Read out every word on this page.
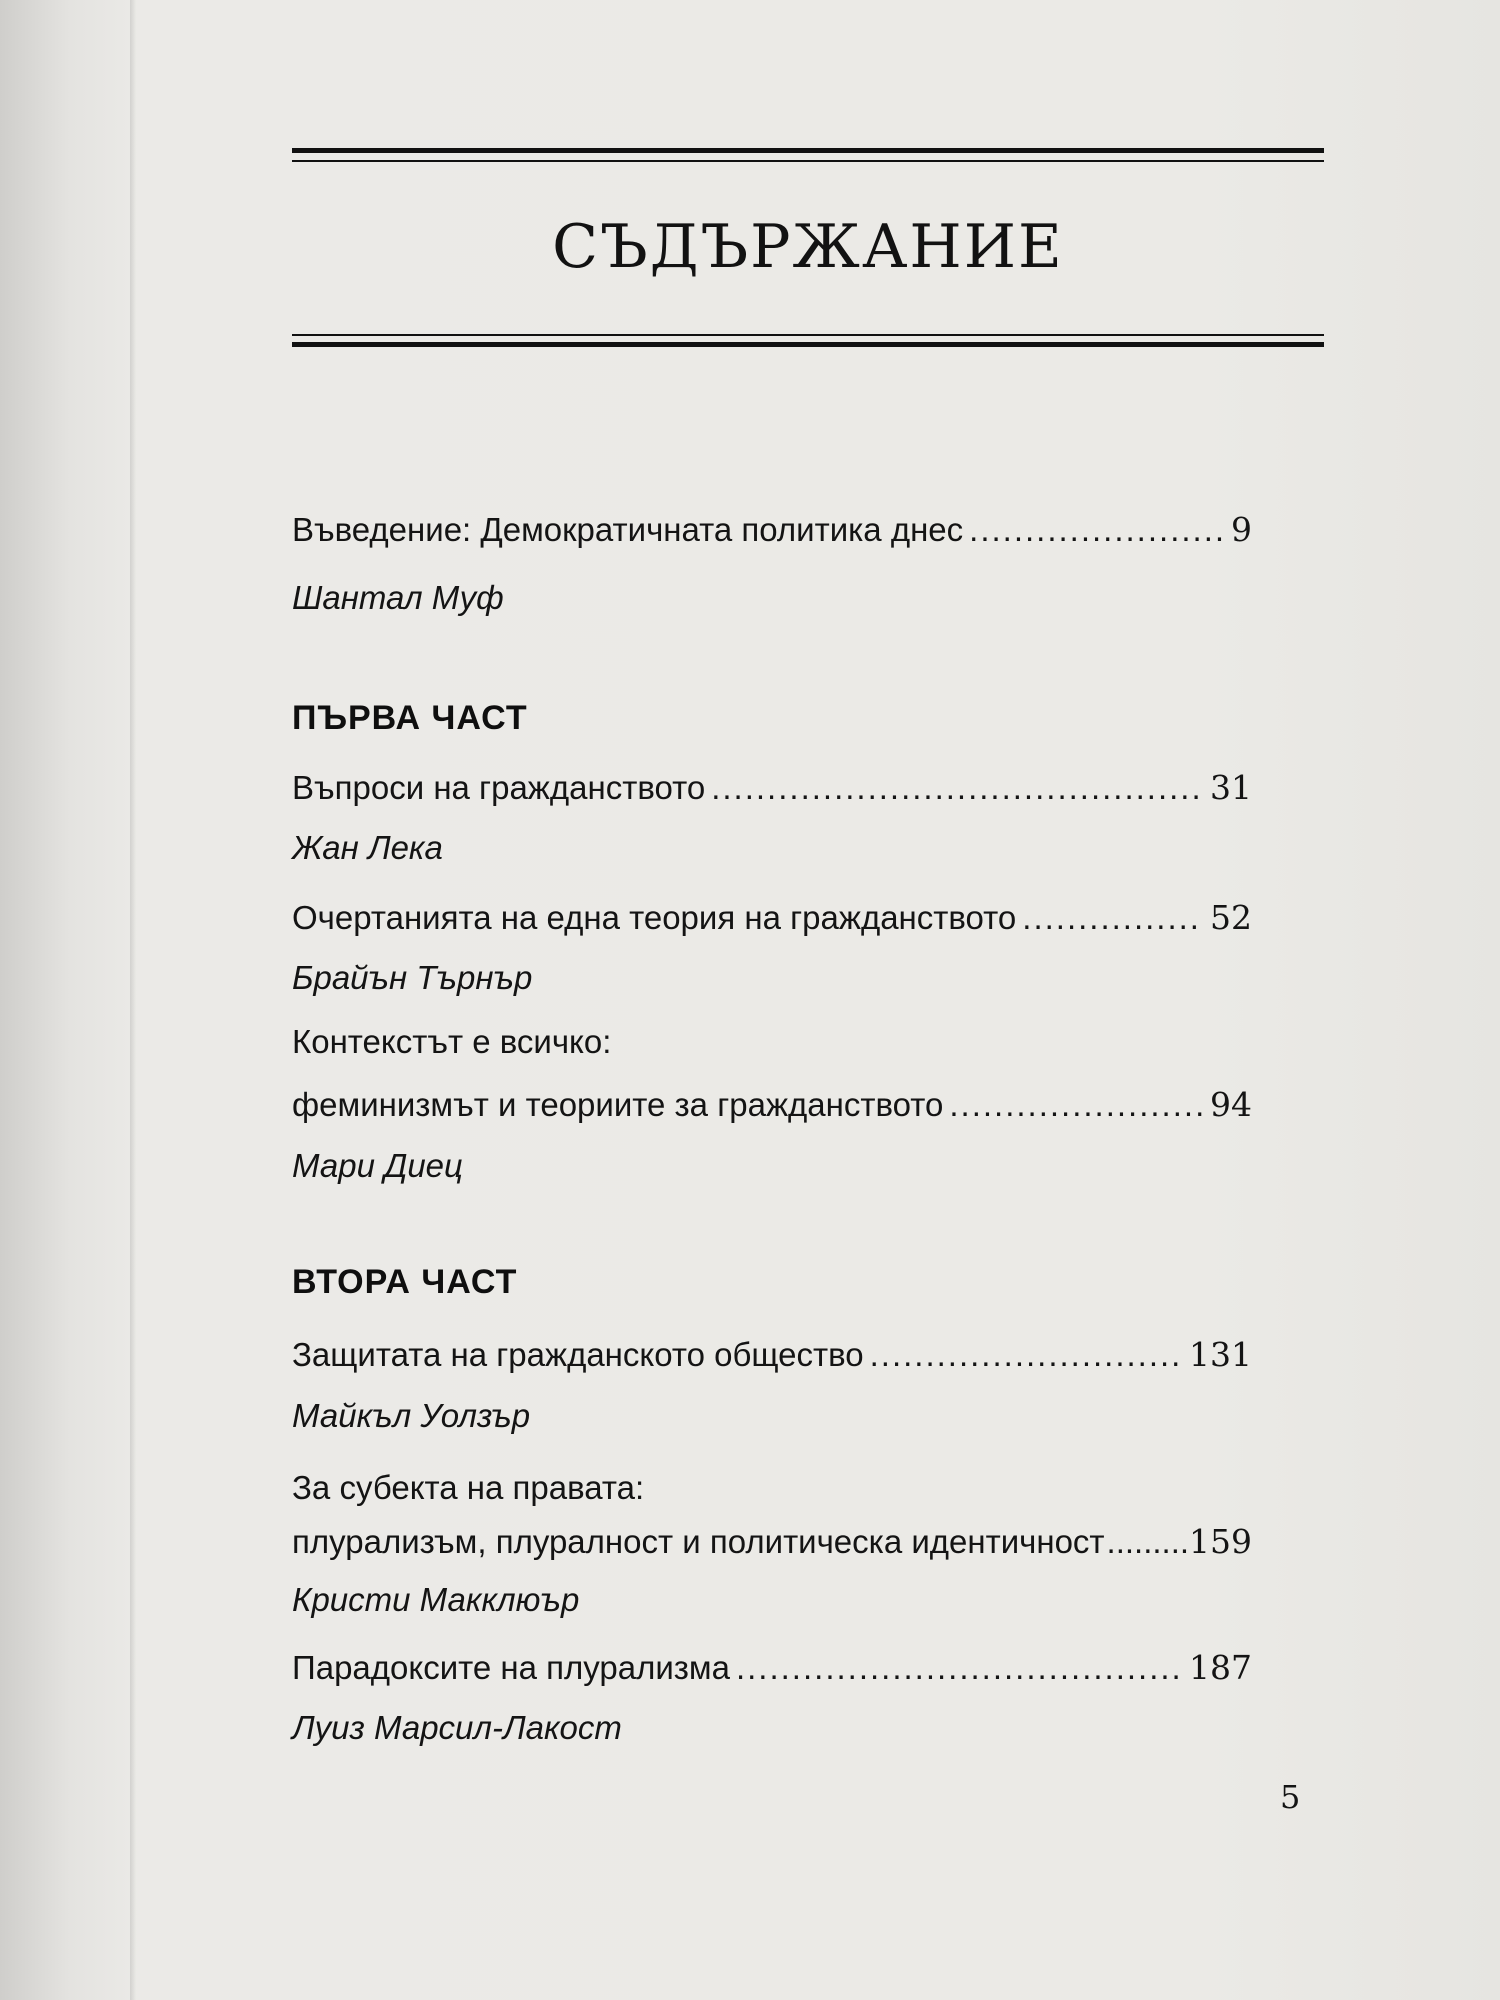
СЪДЪРЖАНИЕ
Въведение: Демократичната политика днес .....	9
Шантал Муф
ПЪРВА ЧАСТ
Въпроси на гражданството .....	31
Жан Лека
Очертанията на една теория на гражданството .....	52
Брайън Търнър
Контекстът е всичко:
феминизмът и теориите за гражданството .....	94
Мари Диец
ВТОРА ЧАСТ
Защитата на гражданското общество .....	131
Майкъл Уолзър
За субекта на правата:
плурализъм, плуралност и политическа идентичност .....	159
Кристи Макклюър
Парадоксите на плурализма .....	187
Луиз Марсил-Лакост
5
